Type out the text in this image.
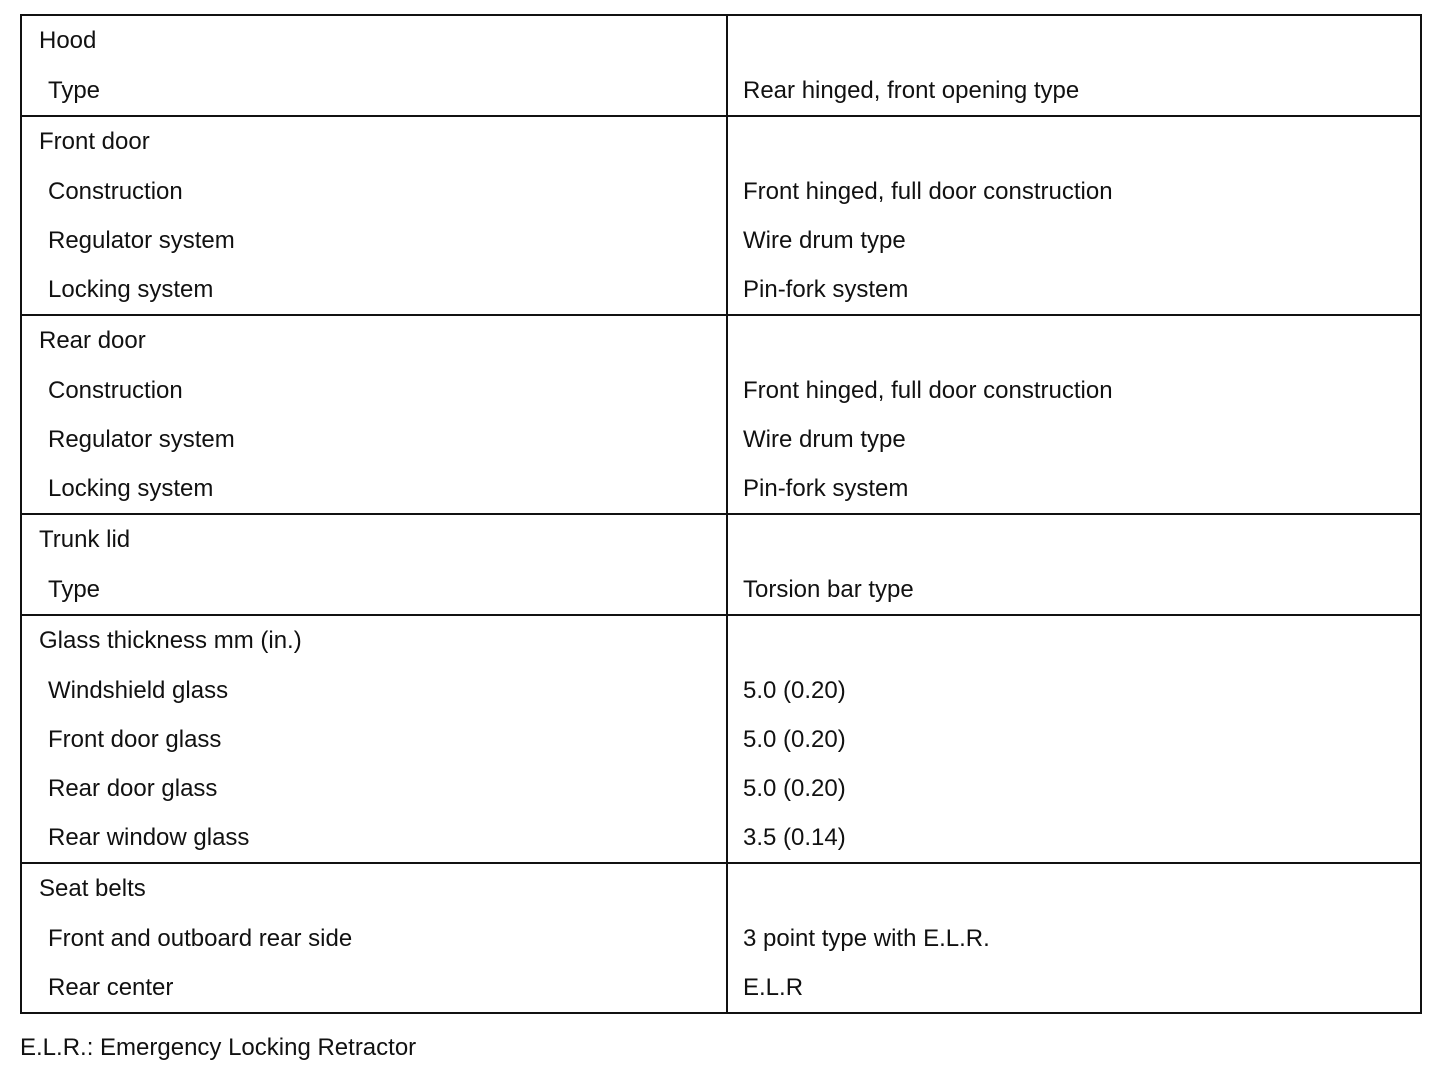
Hood
Type	Rear hinged, front opening type
Front door
Construction	Front hinged, full door construction
Regulator system	Wire drum type
Locking system	Pin-fork system
Rear door
Construction	Front hinged, full door construction
Regulator system	Wire drum type
Locking system	Pin-fork system
Trunk lid
Type	Torsion bar type
Glass thickness mm (in.)
Windshield glass	5.0 (0.20)
Front door glass	5.0 (0.20)
Rear door glass	5.0 (0.20)
Rear window glass	3.5 (0.14)
Seat belts
Front and outboard rear side	3 point type with E.L.R.
Rear center	E.L.R
E.L.R.: Emergency Locking Retractor
